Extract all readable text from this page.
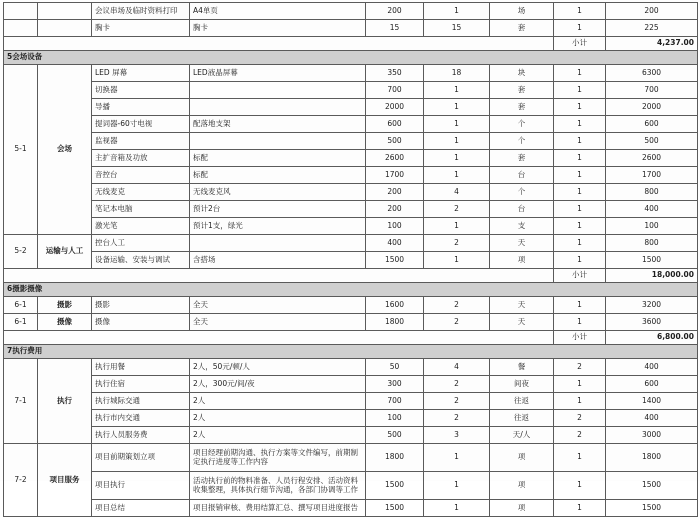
		会议串场及临时资料打印	A4单页	200	1	场	1	200
		胸卡	胸卡	15	15	套	1	225
							小计	4,237.00
5会场设备								
5-1	会场	LED 屏幕	LED液晶屏幕	350	18	块	1	6300
		切换器		700	1	套	1	700
		导播		2000	1	套	1	2000
		提词器-60寸电视	配落地支架	600	1	个	1	600
		监视器		500	1	个	1	500
		主扩音箱及功放	标配	2600	1	套	1	2600
		音控台	标配	1700	1	台	1	1700
		无线麦克	无线麦克风	200	4	个	1	800
		笔记本电脑	预计2台	200	2	台	1	400
		激光笔	预计1支，绿光	100	1	支	1	100
5-2	运输与人工	控台人工		400	2	天	1	800
		设备运输、安装与调试	含搭场	1500	1	项	1	1500
							小计	18,000.00
6摄影摄像								
6-1	摄影	摄影	全天	1600	2	天	1	3200
6-1	摄像	摄像	全天	1800	2	天	1	3600
							小计	6,800.00
7执行费用								
7-1	执行	执行用餐	2人，50元/顿/人	50	4	餐	2	400
		执行住宿	2人，300元/间/夜	300	2	间夜	1	600
		执行城际交通	2人	700	2	往返	1	1400
		执行市内交通	2人	100	2	往返	2	400
		执行人员服务费	2人	500	3	天/人	2	3000
7-2	项目服务	项目前期策划立项	项目经理前期沟通、执行方案等文件编写，前期制定执行进度等工作内容	1800	1	项	1	1800
		项目执行	活动执行前的物料准备、人员行程安排、活动资料收集整理，具体执行细节沟通，各部门协调等工作	1500	1	项	1	1500
		项目总结	项目报销审核、费用结算汇总、撰写项目进度报告	1500	1	项	1	1500
